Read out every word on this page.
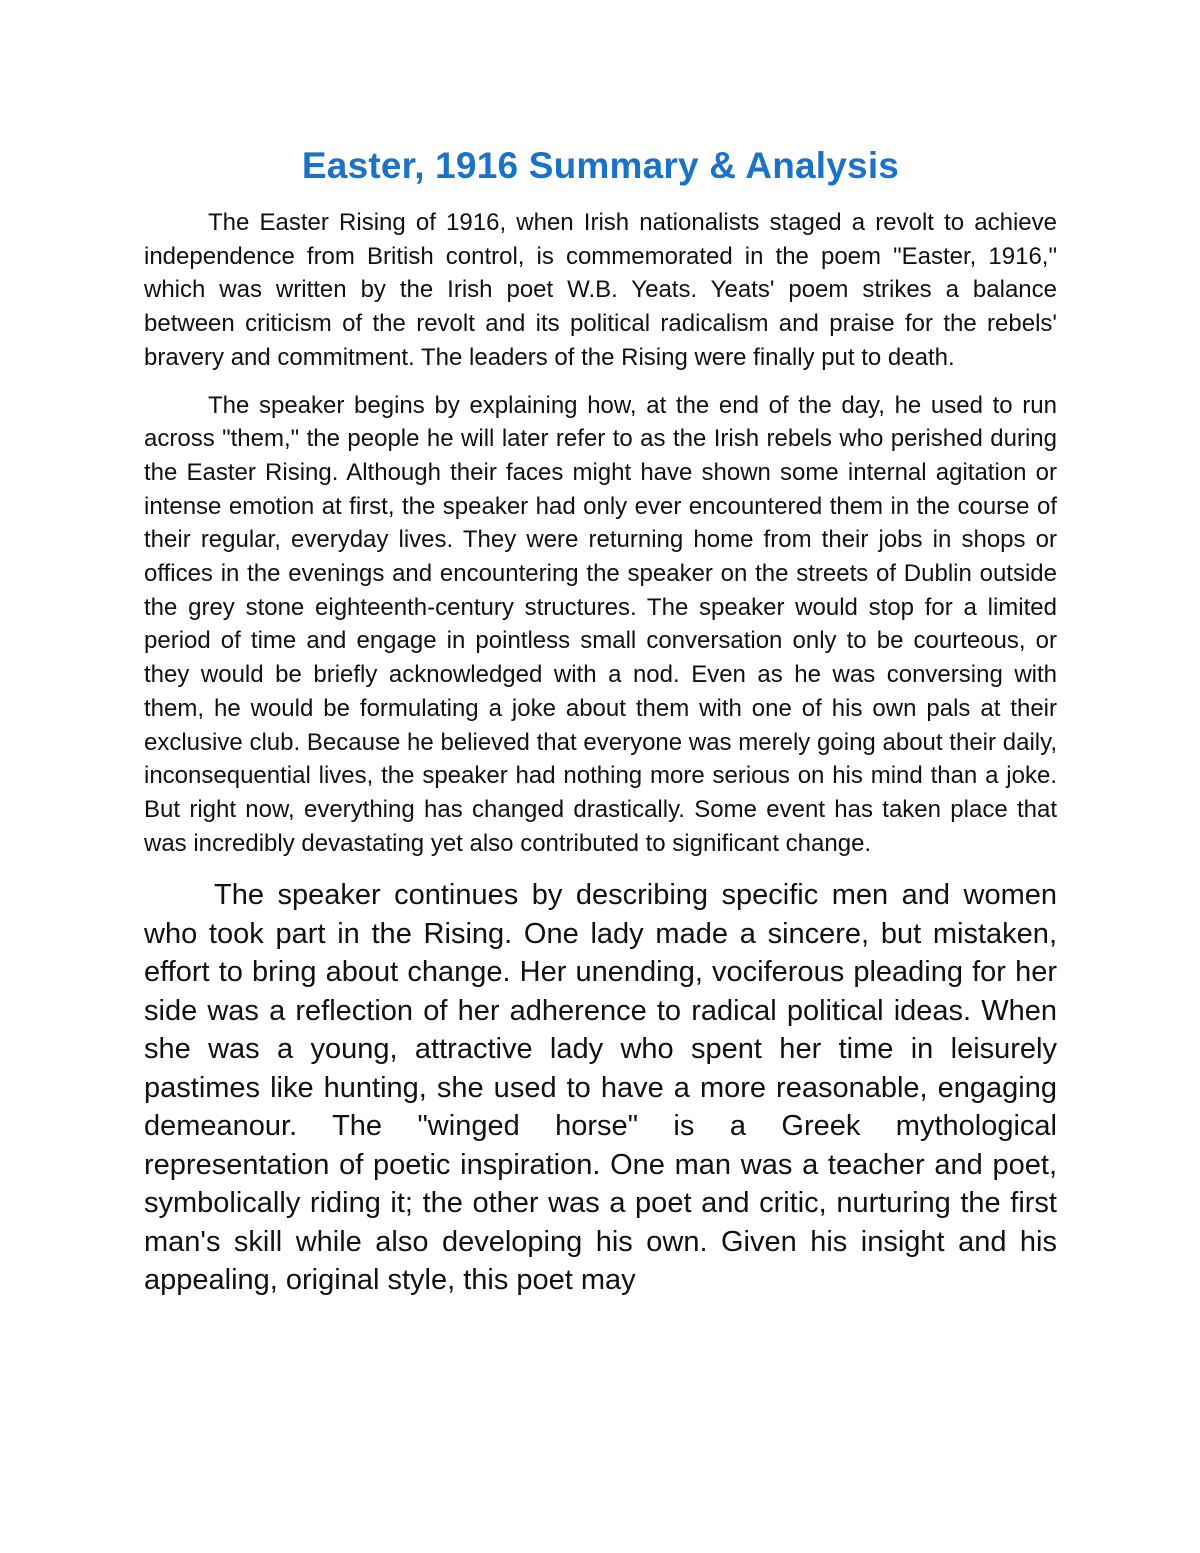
Easter, 1916 Summary & Analysis

The Easter Rising of 1916, when Irish nationalists staged a revolt to achieve independence from British control, is commemorated in the poem "Easter, 1916," which was written by the Irish poet W.B. Yeats. Yeats' poem strikes a balance between criticism of the revolt and its political radicalism and praise for the rebels' bravery and commitment. The leaders of the Rising were finally put to death.

The speaker begins by explaining how, at the end of the day, he used to run across "them," the people he will later refer to as the Irish rebels who perished during the Easter Rising. Although their faces might have shown some internal agitation or intense emotion at first, the speaker had only ever encountered them in the course of their regular, everyday lives. They were returning home from their jobs in shops or offices in the evenings and encountering the speaker on the streets of Dublin outside the grey stone eighteenth-century structures. The speaker would stop for a limited period of time and engage in pointless small conversation only to be courteous, or they would be briefly acknowledged with a nod. Even as he was conversing with them, he would be formulating a joke about them with one of his own pals at their exclusive club. Because he believed that everyone was merely going about their daily, inconsequential lives, the speaker had nothing more serious on his mind than a joke. But right now, everything has changed drastically. Some event has taken place that was incredibly devastating yet also contributed to significant change.

The speaker continues by describing specific men and women who took part in the Rising. One lady made a sincere, but mistaken, effort to bring about change. Her unending, vociferous pleading for her side was a reflection of her adherence to radical political ideas. When she was a young, attractive lady who spent her time in leisurely pastimes like hunting, she used to have a more reasonable, engaging demeanour. The "winged horse" is a Greek mythological representation of poetic inspiration. One man was a teacher and poet, symbolically riding it; the other was a poet and critic, nurturing the first man's skill while also developing his own. Given his insight and his appealing, original style, this poet may
